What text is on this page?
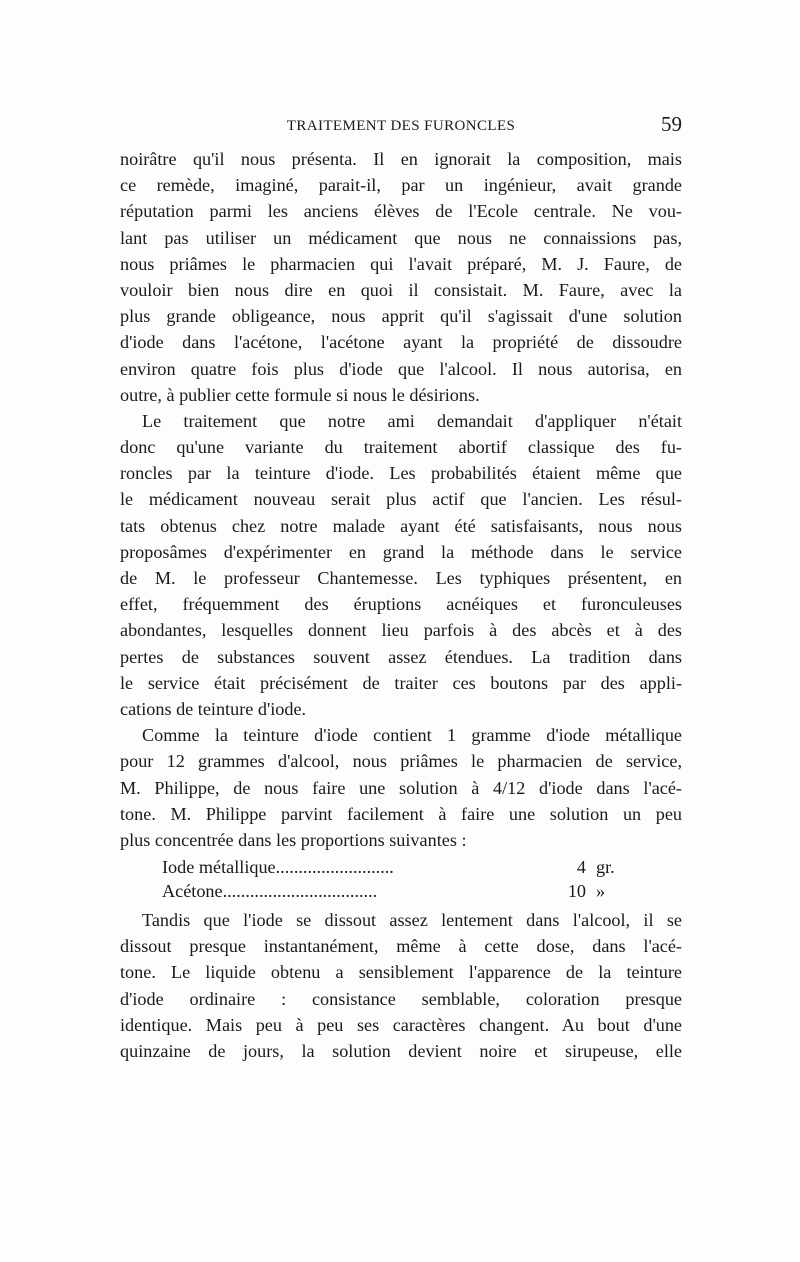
TRAITEMENT DES FURONCLES	59
noirâtre qu'il nous présenta. Il en ignorait la composition, mais
ce remède, imaginé, parait-il, par un ingénieur, avait grande
réputation parmi les anciens élèves de l'Ecole centrale. Ne vou-
lant pas utiliser un médicament que nous ne connaissions pas,
nous priâmes le pharmacien qui l'avait préparé, M. J. Faure, de
vouloir bien nous dire en quoi il consistait. M. Faure, avec la
plus grande obligeance, nous apprit qu'il s'agissait d'une solution
d'iode dans l'acétone, l'acétone ayant la propriété de dissoudre
environ quatre fois plus d'iode que l'alcool. Il nous autorisa, en
outre, à publier cette formule si nous le désirions.
Le traitement que notre ami demandait d'appliquer n'était
donc qu'une variante du traitement abortif classique des fu-
roncles par la teinture d'iode. Les probabilités étaient même que
le médicament nouveau serait plus actif que l'ancien. Les résul-
tats obtenus chez notre malade ayant été satisfaisants, nous nous
proposâmes d'expérimenter en grand la méthode dans le service
de M. le professeur Chantemesse. Les typhiques présentent, en
effet, fréquemment des éruptions acnéiques et furonculeuses
abondantes, lesquelles donnent lieu parfois à des abcès et à des
pertes de substances souvent assez étendues. La tradition dans
le service était précisément de traiter ces boutons par des appli-
cations de teinture d'iode.
Comme la teinture d'iode contient 1 gramme d'iode métallique
pour 12 grammes d'alcool, nous priâmes le pharmacien de service,
M. Philippe, de nous faire une solution à 4/12 d'iode dans l'acé-
tone. M. Philippe parvint facilement à faire une solution un peu
plus concentrée dans les proportions suivantes :
Iode métallique..........................	4 gr.
Acétone..................................	10 »
Tandis que l'iode se dissout assez lentement dans l'alcool, il se
dissout presque instantanément, même à cette dose, dans l'acé-
tone. Le liquide obtenu a sensiblement l'apparence de la teinture
d'iode ordinaire : consistance semblable, coloration presque
identique. Mais peu à peu ses caractères changent. Au bout d'une
quinzaine de jours, la solution devient noire et sirupeuse, elle
